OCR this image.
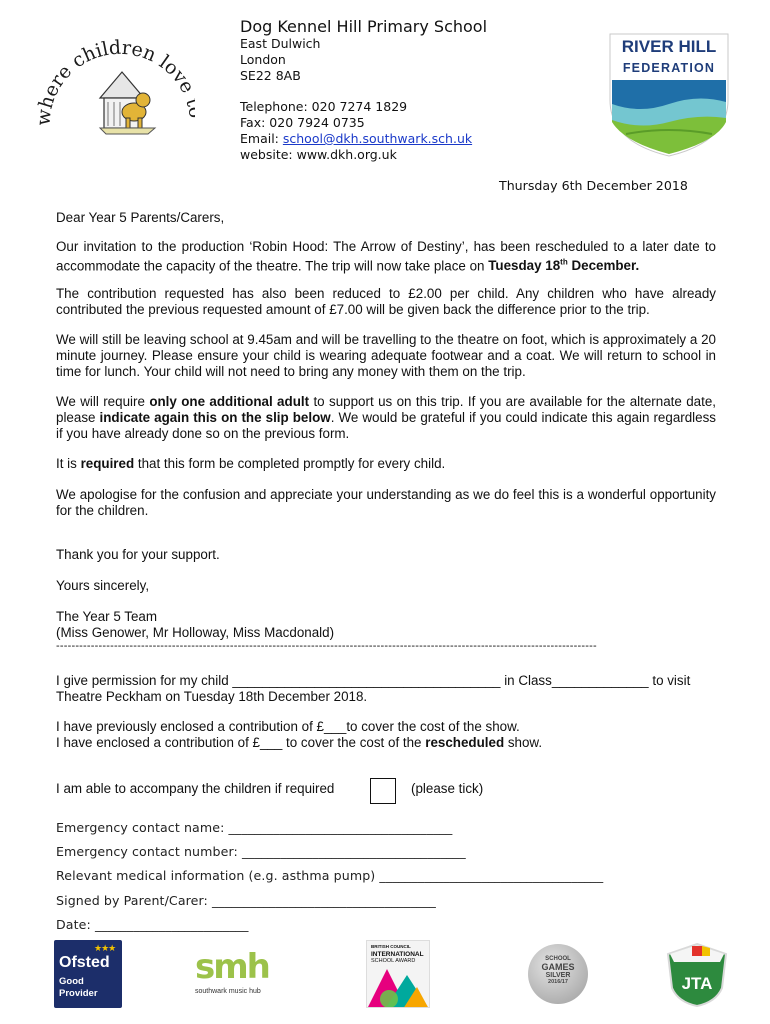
where children lov
Dog Kennel Hill Primary School
East Dulwich
London
SE22 8AB
Telephone: 020 7274 1829
Fax: 020 7924 0735
Email: school@dkh.southwark.sch.uk
website: www.dkh.org.uk
RIVER HILL
FEDERATION
Thursday 6th December 2018
Dear Year 5 Parents/Carers,
Our invitation to the production ‘Robin Hood: The Arrow of Destiny’, has been rescheduled to a later date to accommodate the capacity of the theatre. The trip will now take place on Tuesday 18th December.
The contribution requested has also been reduced to £2.00 per child. Any children who have already contributed the previous requested amount of £7.00 will be given back the difference prior to the trip.
We will still be leaving school at 9.45am and will be travelling to the theatre on foot, which is approximately a 20 minute journey. Please ensure your child is wearing adequate footwear and a coat. We will return to school in time for lunch. Your child will not need to bring any money with them on the trip.
We will require only one additional adult to support us on this trip. If you are available for the alternate date, please indicate again this on the slip below. We would be grateful if you could indicate this again regardless if you have already done so on the previous form.
It is required that this form be completed promptly for every child.
We apologise for the confusion and appreciate your understanding as we do feel this is a wonderful opportunity for the children.
Thank you for your support.
Yours sincerely,
The Year 5 Team
(Miss Genower, Mr Holloway, Miss Macdonald)
--------------------------------------------------------------------------------------------------------------------------------------------
I give permission for my child ____________________________________ in Class_____________ to visit
Theatre Peckham on Tuesday 18th December 2018.
I have previously enclosed a contribution of £___to cover the cost of the show.
I have enclosed a contribution of £___ to cover the cost of the rescheduled show.
I am able to accompany the children if required	(please tick)
Emergency contact name: ___________________________________
Emergency contact number: ___________________________________
Relevant medical information (e.g. asthma pump) ___________________________________
Signed by Parent/Carer: ___________________________________
Date: ________________________
★★★
Ofsted
Good
Provider
smh
southwark music hub
BRITISH COUNCIL
INTERNATIONAL
SCHOOL AWARD	SCHOOL
GAMES
SILVER
2016/17	JTA
